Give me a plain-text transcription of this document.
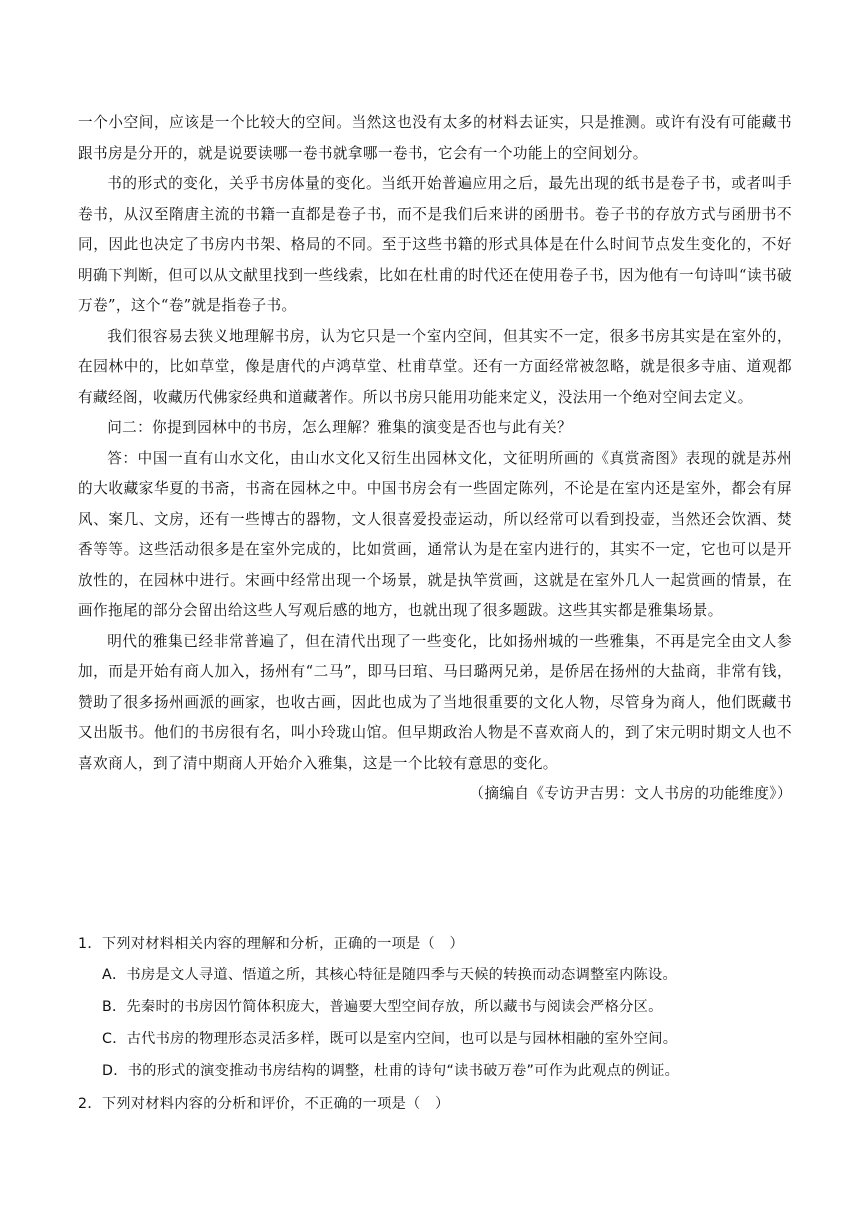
一个小空间，应该是一个比较大的空间。当然这也没有太多的材料去证实，只是推测。或许有没有可能藏书跟书房是分开的，就是说要读哪一卷书就拿哪一卷书，它会有一个功能上的空间划分。

书的形式的变化，关乎书房体量的变化。当纸开始普遍应用之后，最先出现的纸书是卷子书，或者叫手卷书，从汉至隋唐主流的书籍一直都是卷子书，而不是我们后来讲的函册书。卷子书的存放方式与函册书不同，因此也决定了书房内书架、格局的不同。至于这些书籍的形式具体是在什么时间节点发生变化的，不好明确下判断，但可以从文献里找到一些线索，比如在杜甫的时代还在使用卷子书，因为他有一句诗叫“读书破万卷”，这个“卷”就是指卷子书。

我们很容易去狭义地理解书房，认为它只是一个室内空间，但其实不一定，很多书房其实是在室外的，在园林中的，比如草堂，像是唐代的卢鸿草堂、杜甫草堂。还有一方面经常被忽略，就是很多寺庙、道观都有藏经阁，收藏历代佛家经典和道藏著作。所以书房只能用功能来定义，没法用一个绝对空间去定义。

问二：你提到园林中的书房，怎么理解？雅集的演变是否也与此有关？

答：中国一直有山水文化，由山水文化又衍生出园林文化，文征明所画的《真赏斋图》表现的就是苏州的大收藏家华夏的书斋，书斋在园林之中。中国书房会有一些固定陈列，不论是在室内还是室外，都会有屏风、案几、文房，还有一些博古的器物，文人很喜爱投壶运动，所以经常可以看到投壶，当然还会饮酒、焚香等等。这些活动很多是在室外完成的，比如赏画，通常认为是在室内进行的，其实不一定，它也可以是开放性的，在园林中进行。宋画中经常出现一个场景，就是执竿赏画，这就是在室外几人一起赏画的情景，在画作拖尾的部分会留出给这些人写观后感的地方，也就出现了很多题跋。这些其实都是雅集场景。

明代的雅集已经非常普遍了，但在清代出现了一些变化，比如扬州城的一些雅集，不再是完全由文人参加，而是开始有商人加入，扬州有“二马”，即马曰琯、马曰璐两兄弟，是侨居在扬州的大盐商，非常有钱，赞助了很多扬州画派的画家，也收古画，因此也成为了当地很重要的文化人物，尽管身为商人，他们既藏书又出版书。他们的书房很有名，叫小玲珑山馆。但早期政治人物是不喜欢商人的，到了宋元明时期文人也不喜欢商人，到了清中期商人开始介入雅集，这是一个比较有意思的变化。

（摘编自《专访尹吉男：文人书房的功能维度》）

1．下列对材料相关内容的理解和分析，正确的一项是（　）

A．书房是文人寻道、悟道之所，其核心特征是随四季与天候的转换而动态调整室内陈设。

B．先秦时的书房因竹简体积庞大，普遍要大型空间存放，所以藏书与阅读会严格分区。

C．古代书房的物理形态灵活多样，既可以是室内空间，也可以是与园林相融的室外空间。

D．书的形式的演变推动书房结构的调整，杜甫的诗句“读书破万卷”可作为此观点的例证。

2．下列对材料内容的分析和评价，不正确的一项是（　）
